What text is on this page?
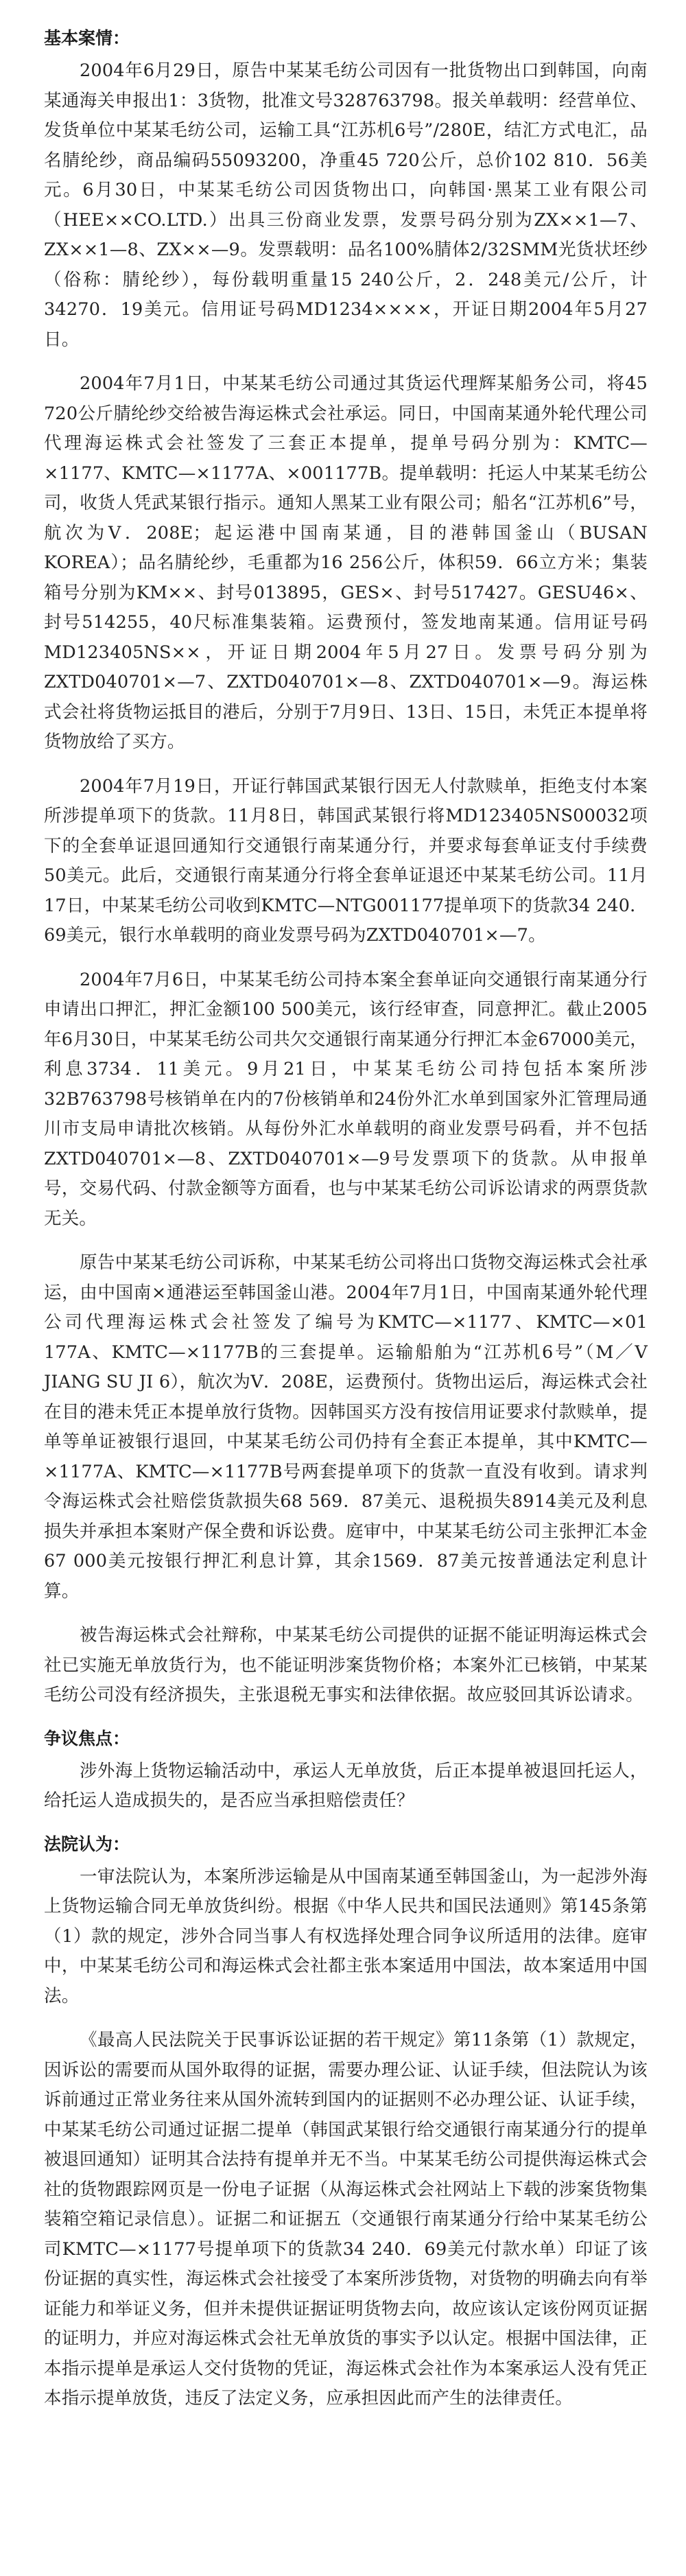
基本案情：

2004年6月29日，原告中某某毛纺公司因有一批货物出口到韩国，向南某通海关申报出1：3货物，批准文号328763798。报关单载明：经营单位、发货单位中某某毛纺公司，运输工具“江苏机6号”/280E，结汇方式电汇，品名腈纶纱，商品编码55093200，净重45 720公斤，总价102 810．56美元。6月30日，中某某毛纺公司因货物出口，向韩国·黑某工业有限公司（HEE××CO.LTD.）出具三份商业发票，发票号码分别为ZX××1—7、ZX××1—8、ZX××—9。发票载明：品名100%腈体2/32SMM光货状坯纱（俗称：腈纶纱），每份载明重量15 240公斤，2．248美元/公斤，计34270．19美元。信用证号码MD1234××××，开证日期2004年5月27日。

2004年7月1日，中某某毛纺公司通过其货运代理辉某船务公司，将45 720公斤腈纶纱交给被告海运株式会社承运。同日，中国南某通外轮代理公司代理海运株式会社签发了三套正本提单，提单号码分别为：KMTC—×1177、KMTC—×1177A、×001177B。提单载明：托运人中某某毛纺公司，收货人凭武某银行指示。通知人黑某工业有限公司；船名“江苏机6”号，航次为V．208E；起运港中国南某通，目的港韩国釜山（BUSAN KOREA）；品名腈纶纱，毛重都为16 256公斤，体积59．66立方米；集装箱号分别为KM××、封号013895，GES×、封号517427。GESU46×、封号514255，40尺标准集装箱。运费预付，签发地南某通。信用证号码MD123405NS××，开证日期2004年5月27日。发票号码分别为ZXTD040701×—7、ZXTD040701×—8、ZXTD040701×—9。海运株式会社将货物运抵目的港后，分别于7月9日、13日、15日，未凭正本提单将货物放给了买方。

2004年7月19日，开证行韩国武某银行因无人付款赎单，拒绝支付本案所涉提单项下的货款。11月8日，韩国武某银行将MD123405NS00032项下的全套单证退回通知行交通银行南某通分行，并要求每套单证支付手续费50美元。此后，交通银行南某通分行将全套单证退还中某某毛纺公司。11月17日，中某某毛纺公司收到KMTC—NTG001177提单项下的货款34 240．69美元，银行水单载明的商业发票号码为ZXTD040701×—7。

2004年7月6日，中某某毛纺公司持本案全套单证向交通银行南某通分行申请出口押汇，押汇金额100 500美元，该行经审查，同意押汇。截止2005年6月30日，中某某毛纺公司共欠交通银行南某通分行押汇本金67000美元，利息3734．11美元。9月21日，中某某毛纺公司持包括本案所涉32B763798号核销单在内的7份核销单和24份外汇水单到国家外汇管理局通川市支局申请批次核销。从每份外汇水单载明的商业发票号码看，并不包括ZXTD040701×—8、ZXTD040701×—9号发票项下的货款。从申报单号，交易代码、付款金额等方面看，也与中某某毛纺公司诉讼请求的两票货款无关。

原告中某某毛纺公司诉称，中某某毛纺公司将出口货物交海运株式会社承运，由中国南×通港运至韩国釜山港。2004年7月1日，中国南某通外轮代理公司代理海运株式会社签发了编号为KMTC—×1177、KMTC—×01 177A、KMTC—×1177B的三套提单。运输船舶为“江苏机6号”（M／V JIANG SU JI 6），航次为V．208E，运费预付。货物出运后，海运株式会社在目的港未凭正本提单放行货物。因韩国买方没有按信用证要求付款赎单，提单等单证被银行退回，中某某毛纺公司仍持有全套正本提单，其中KMTC—×1177A、KMTC—×1177B号两套提单项下的货款一直没有收到。请求判令海运株式会社赔偿货款损失68 569．87美元、退税损失8914美元及利息损失并承担本案财产保全费和诉讼费。庭审中，中某某毛纺公司主张押汇本金67 000美元按银行押汇利息计算，其余1569．87美元按普通法定利息计算。

被告海运株式会社辩称，中某某毛纺公司提供的证据不能证明海运株式会社已实施无单放货行为，也不能证明涉案货物价格；本案外汇已核销，中某某毛纺公司没有经济损失，主张退税无事实和法律依据。故应驳回其诉讼请求。

争议焦点：

涉外海上货物运输活动中，承运人无单放货，后正本提单被退回托运人，给托运人造成损失的，是否应当承担赔偿责任？

法院认为：

一审法院认为，本案所涉运输是从中国南某通至韩国釜山，为一起涉外海上货物运输合同无单放货纠纷。根据《中华人民共和国民法通则》第145条第（1）款的规定，涉外合同当事人有权选择处理合同争议所适用的法律。庭审中，中某某毛纺公司和海运株式会社都主张本案适用中国法，故本案适用中国法。

《最高人民法院关于民事诉讼证据的若干规定》第11条第（1）款规定，因诉讼的需要而从国外取得的证据，需要办理公证、认证手续，但法院认为该诉前通过正常业务往来从国外流转到国内的证据则不必办理公证、认证手续，中某某毛纺公司通过证据二提单（韩国武某银行给交通银行南某通分行的提单被退回通知）证明其合法持有提单并无不当。中某某毛纺公司提供海运株式会社的货物跟踪网页是一份电子证据（从海运株式会社网站上下载的涉案货物集装箱空箱记录信息）。证据二和证据五（交通银行南某通分行给中某某毛纺公司KMTC—×1177号提单项下的货款34 240．69美元付款水单）印证了该份证据的真实性，海运株式会社接受了本案所涉货物，对货物的明确去向有举证能力和举证义务，但并未提供证据证明货物去向，故应该认定该份网页证据的证明力，并应对海运株式会社无单放货的事实予以认定。根据中国法律，正本指示提单是承运人交付货物的凭证，海运株式会社作为本案承运人没有凭正本指示提单放货，违反了法定义务，应承担因此而产生的法律责任。
